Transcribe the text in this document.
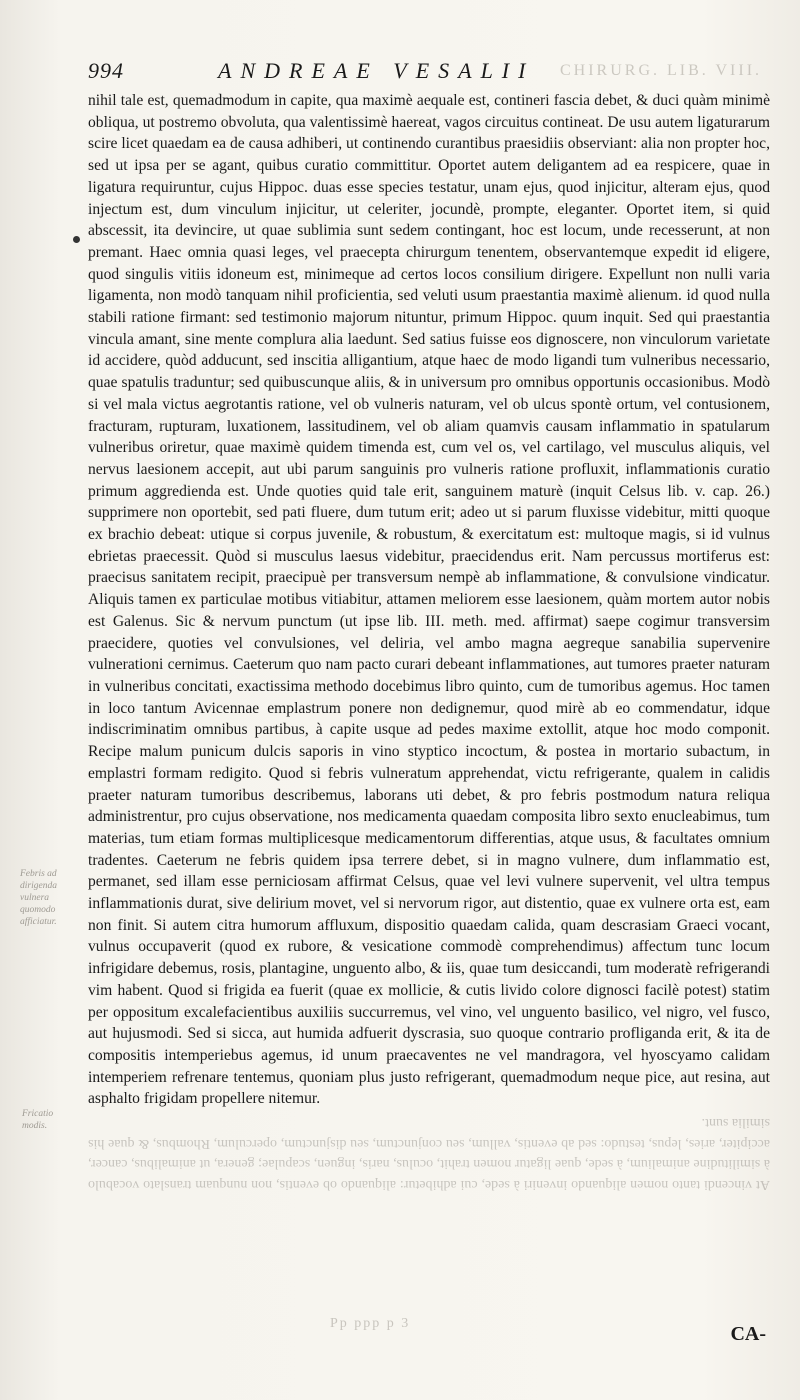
994	ANDREAE VESALII CHIRURG. LIB. VIII.

nihil tale est, quemadmodum in capite, qua maximè aequale est, contineri fascia debet, & duci quàm minimè obliqua, ut postremo obvoluta, qua valentissimè haereat, vagos circuitus contineat. De usu autem ligaturarum scire licet quaedam ea de causa adhiberi, ut continendo curantibus praesidiis observiant: alia non propter hoc, sed ut ipsa per se agant, quibus curatio committitur. Oportet autem deligantem ad ea respicere, quae in ligatura requiruntur, cujus Hippoc. duas esse species testatur, unam ejus, quod injicitur, alteram ejus, quod injectum est, dum vinculum injicitur, ut celeriter, jocundè, prompte, eleganter. Oportet item, si quid abscessit, ita devincire, ut quae sublimia sunt sedem contingant, hoc est locum, unde recesserunt, at non premant. Haec omnia quasi leges, vel praecepta chirurgum tenentem, observantemque expedit id eligere, quod singulis vitiis idoneum est, minimeque ad certos locos consilium dirigere. Expellunt non nulli varia ligamenta, non modò tanquam nihil proficientia, sed veluti usum praestantia maximè alienum. id quod nulla stabili ratione firmant: sed testimonio majorum nituntur, primum Hippoc. quum inquit. Sed qui praestantia vincula amant, sine mente complura alia laedunt. Sed satius fuisse eos dignoscere, non vinculorum varietate id accidere, quòd adducunt, sed inscitia alligantium, atque haec de modo ligandi tum vulneribus necessario, quae spatulis traduntur; sed quibuscunque aliis, & in universum pro omnibus opportunis occasionibus. Modò si vel mala victus aegrotantis ratione, vel ob vulneris naturam, vel ob ulcus spontè ortum, vel contusionem, fracturam, rupturam, luxationem, lassitudinem, vel ob aliam quamvis causam inflammatio in spatularum vulneribus oriretur, quae maximè quidem timenda est, cum vel os, vel cartilago, vel musculus aliquis, vel nervus laesionem accepit, aut ubi parum sanguinis pro vulneris ratione profluxit, inflammationis curatio primum aggredienda est. Unde quoties quid tale erit, sanguinem maturè (inquit Celsus lib. v. cap. 26.) supprimere non oportebit, sed pati fluere, dum tutum erit; adeo ut si parum fluxisse videbitur, mitti quoque ex brachio debeat: utique si corpus juvenile, & robustum, & exercitatum est: multoque magis, si id vulnus ebrietas praecessit. Quòd si musculus laesus videbitur, praecidendus erit. Nam percussus mortiferus est: praecisus sanitatem recipit, praecipuè per transversum nempè ab inflammatione, & convulsione vindicatur. Aliquis tamen ex particulae motibus vitiabitur, attamen meliorem esse laesionem, quàm mortem autor nobis est Galenus. Sic & nervum punctum (ut ipse lib. III. meth. med. affirmat) saepe cogimur transversim praecidere, quoties vel convulsiones, vel deliria, vel ambo magna aegreque sanabilia supervenire vulnerationi cernimus. Caeterum quo nam pacto curari debeant inflammationes, aut tumores praeter naturam in vulneribus concitati, exactissima methodo docebimus libro quinto, cum de tumoribus agemus. Hoc tamen in loco tantum Avicennae emplastrum ponere non dedignemur, quod mirè ab eo commendatur, idque indiscriminatim omnibus partibus, à capite usque ad pedes maxime extollit, atque hoc modo componit. Recipe malum punicum dulcis saporis in vino styptico incoctum, & postea in mortario subactum, in emplastri formam redigito. Quod si febris vulneratum apprehendat, victu refrigerante, qualem in calidis praeter naturam tumoribus describemus, laborans uti debet, & pro febris postmodum natura reliqua administrentur, pro cujus observatione, nos medicamenta quaedam composita libro sexto enucleabimus, tum materias, tum etiam formas multiplicesque medicamentorum differentias, atque usus, & facultates omnium tradentes. Caeterum ne febris quidem ipsa terrere debet, si in magno vulnere, dum inflammatio est, permanet, sed illam esse perniciosam affirmat Celsus, quae vel levi vulnere supervenit, vel ultra tempus inflammationis durat, sive delirium movet, vel si nervorum rigor, aut distentio, quae ex vulnere orta est, eam non finit. Si autem citra humorum affluxum, dispositio quaedam calida, quam descrasiam Graeci vocant, vulnus occupaverit (quod ex rubore, & vesicatione commodè comprehendimus) affectum tunc locum infrigidare debemus, rosis, plantagine, unguento albo, & iis, quae tum desiccandi, tum moderatè refrigerandi vim habent. Quod si frigida ea fuerit (quae ex mollicie, & cutis livido colore dignosci facilè potest) statim per oppositum excalefacientibus auxiliis succurremus, vel vino, vel unguento basilico, vel nigro, vel fusco, aut hujusmodi. Sed si sicca, aut humida adfuerit dyscrasia, suo quoque contrario profliganda erit, & ita de compositis intemperiebus agemus, id unum praecaventes ne vel mandragora, vel hyoscyamo calidam intemperiem refrenare tentemus, quoniam plus justo refrigerant, quemadmodum neque pice, aut resina, aut asphalto frigidam propellere nitemur.

Febris ad dirigenda vulnera quomodo afficiatur.
Fricatio modis.
At vincendi tanto nomen aliquando inveniri à sede, cui adhibetur: aliquando ob eventis, non nunquam translato vocabulo à similitudine animalium, à sede, quae ligatur nomen trahit, oculus, naris, inguen, scapulae; genera, ut animalibus, cancer, accipiter, aries, lepus, testudo: sed ab eventis, vallum, seu conjunctum, seu disjunctum, operculum, Rhombus, & quae his similia sunt.
Pp ppp p 3	CA-
